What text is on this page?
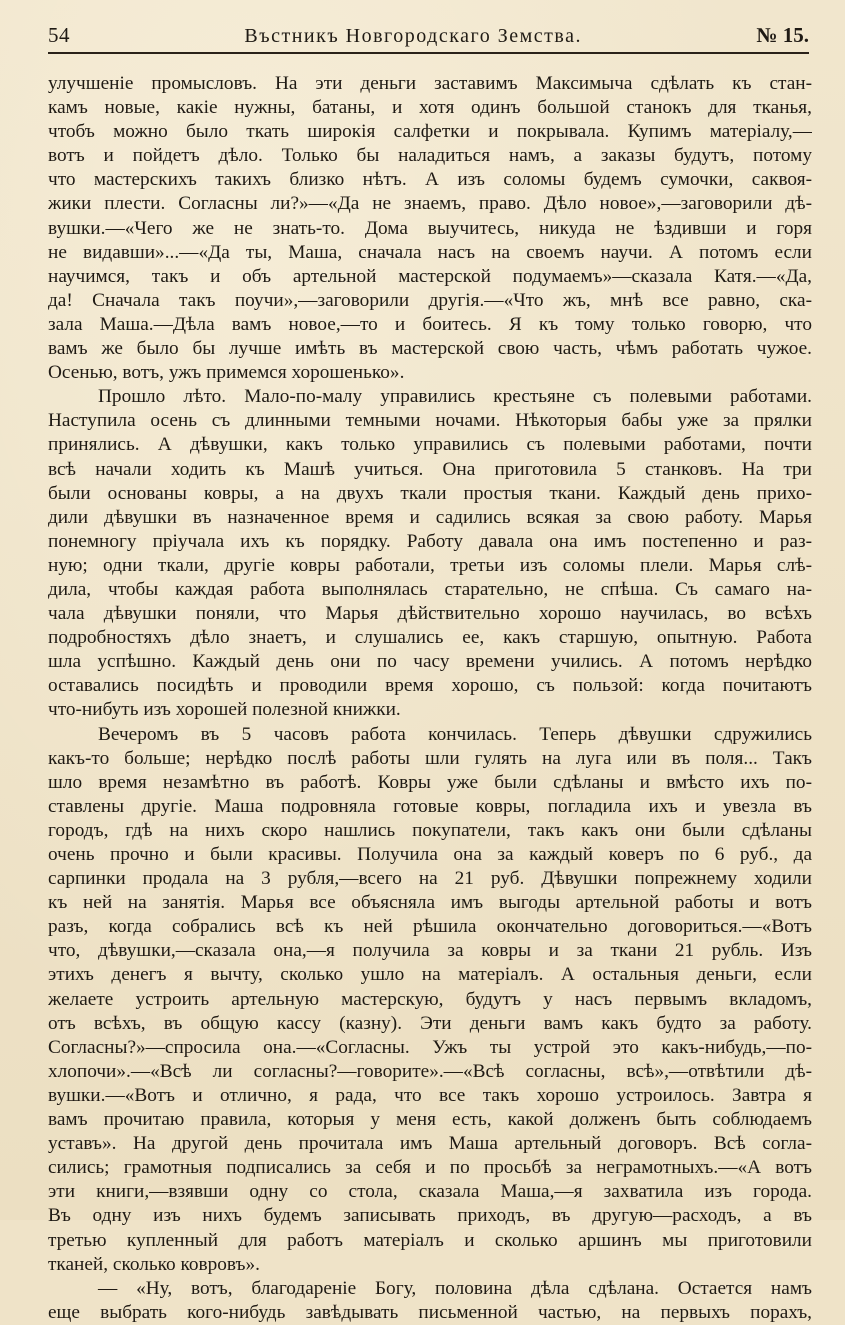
54	Въстникъ Новгородскаго Земства.	№ 15.
улучшеніе промысловъ. На эти деньги заставимъ Максимыча сдѣлать къ стан-
камъ новые, какіе нужны, батаны, и хотя одинъ большой станокъ для тканья,
чтобъ можно было ткать широкія салфетки и покрывала. Купимъ матеріалу,—
вотъ и пойдетъ дѣло. Только бы наладиться намъ, а заказы будутъ, потому
что мастерскихъ такихъ близко нѣтъ. А изъ соломы будемъ сумочки, саквоя-
жики плести. Согласны ли?»—«Да не знаемъ, право. Дѣло новое»,—заговорили дѣ-
вушки.—«Чего же не знать-то. Дома выучитесь, никуда не ѣздивши и горя
не видавши»...—«Да ты, Маша, сначала насъ на своемъ научи. А потомъ если
научимся, такъ и объ артельной мастерской подумаемъ»—сказала Катя.—«Да,
да! Сначала такъ поучи»,—заговорили другія.—«Что жъ, мнѣ все равно, ска-
зала Маша.—Дѣла вамъ новое,—то и боитесь. Я къ тому только говорю, что
вамъ же было бы лучше имѣть въ мастерской свою часть, чѣмъ работать чужое.
Осенью, вотъ, ужъ примемся хорошенько».
Прошло лѣто. Мало-по-малу управились крестьяне съ полевыми работами.
Наступила осень съ длинными темными ночами. Нѣкоторыя бабы уже за прялки
принялись. А дѣвушки, какъ только управились съ полевыми работами, почти
всѣ начали ходить къ Машѣ учиться. Она приготовила 5 станковъ. На три
были основаны ковры, а на двухъ ткали простыя ткани. Каждый день прихо-
дили дѣвушки въ назначенное время и садились всякая за свою работу. Марья
понемногу пріучала ихъ къ порядку. Работу давала она имъ постепенно и раз-
ную; одни ткали, другіе ковры работали, третьи изъ соломы плели. Марья слѣ-
дила, чтобы каждая работа выполнялась старательно, не спѣша. Съ самаго на-
чала дѣвушки поняли, что Марья дѣйствительно хорошо научилась, во всѣхъ
подробностяхъ дѣло знаетъ, и слушались ее, какъ старшую, опытную. Работа
шла успѣшно. Каждый день они по часу времени учились. А потомъ нерѣдко
оставались посидѣть и проводили время хорошо, съ пользой: когда почитаютъ
что-нибуть изъ хорошей полезной книжки.
Вечеромъ въ 5 часовъ работа кончилась. Теперь дѣвушки сдружились
какъ-то больше; нерѣдко послѣ работы шли гулять на луга или въ поля... Такъ
шло время незамѣтно въ работѣ. Ковры уже были сдѣланы и вмѣсто ихъ по-
ставлены другіе. Маша подровняла готовые ковры, погладила ихъ и увезла въ
городъ, гдѣ на нихъ скоро нашлись покупатели, такъ какъ они были сдѣланы
очень прочно и были красивы. Получила она за каждый коверъ по 6 руб., да
сарпинки продала на 3 рубля,—всего на 21 руб. Дѣвушки попрежнему ходили
къ ней на занятія. Марья все объясняла имъ выгоды артельной работы и вотъ
разъ, когда собрались всѣ къ ней рѣшила окончательно договориться.—«Вотъ
что, дѣвушки,—сказала она,—я получила за ковры и за ткани 21 рубль. Изъ
этихъ денегъ я вычту, сколько ушло на матеріалъ. А остальныя деньги, если
желаете устроить артельную мастерскую, будутъ у насъ первымъ вкладомъ,
отъ всѣхъ, въ общую кассу (казну). Эти деньги вамъ какъ будто за работу.
Согласны?»—спросила она.—«Согласны. Ужъ ты устрой это какъ-нибудь,—по-
хлопочи».—«Всѣ ли согласны?—говорите».—«Всѣ согласны, всѣ»,—отвѣтили дѣ-
вушки.—«Вотъ и отлично, я рада, что все такъ хорошо устроилось. Завтра я
вамъ прочитаю правила, которыя у меня есть, какой долженъ быть соблюдаемъ
уставъ». На другой день прочитала имъ Маша артельный договоръ. Всѣ согла-
сились; грамотныя подписались за себя и по просьбѣ за неграмотныхъ.—«А вотъ
эти книги,—взявши одну со стола, сказала Маша,—я захватила изъ города.
Въ одну изъ нихъ будемъ записывать приходъ, въ другую—расходъ, а въ
третью купленный для работъ матеріалъ и сколько аршинъ мы приготовили
тканей, сколько ковровъ».
— «Ну, вотъ, благодареніе Богу, половина дѣла сдѣлана. Остается намъ
еще выбрать кого-нибудь завѣдывать письменной частью, на первыхъ порахъ,
